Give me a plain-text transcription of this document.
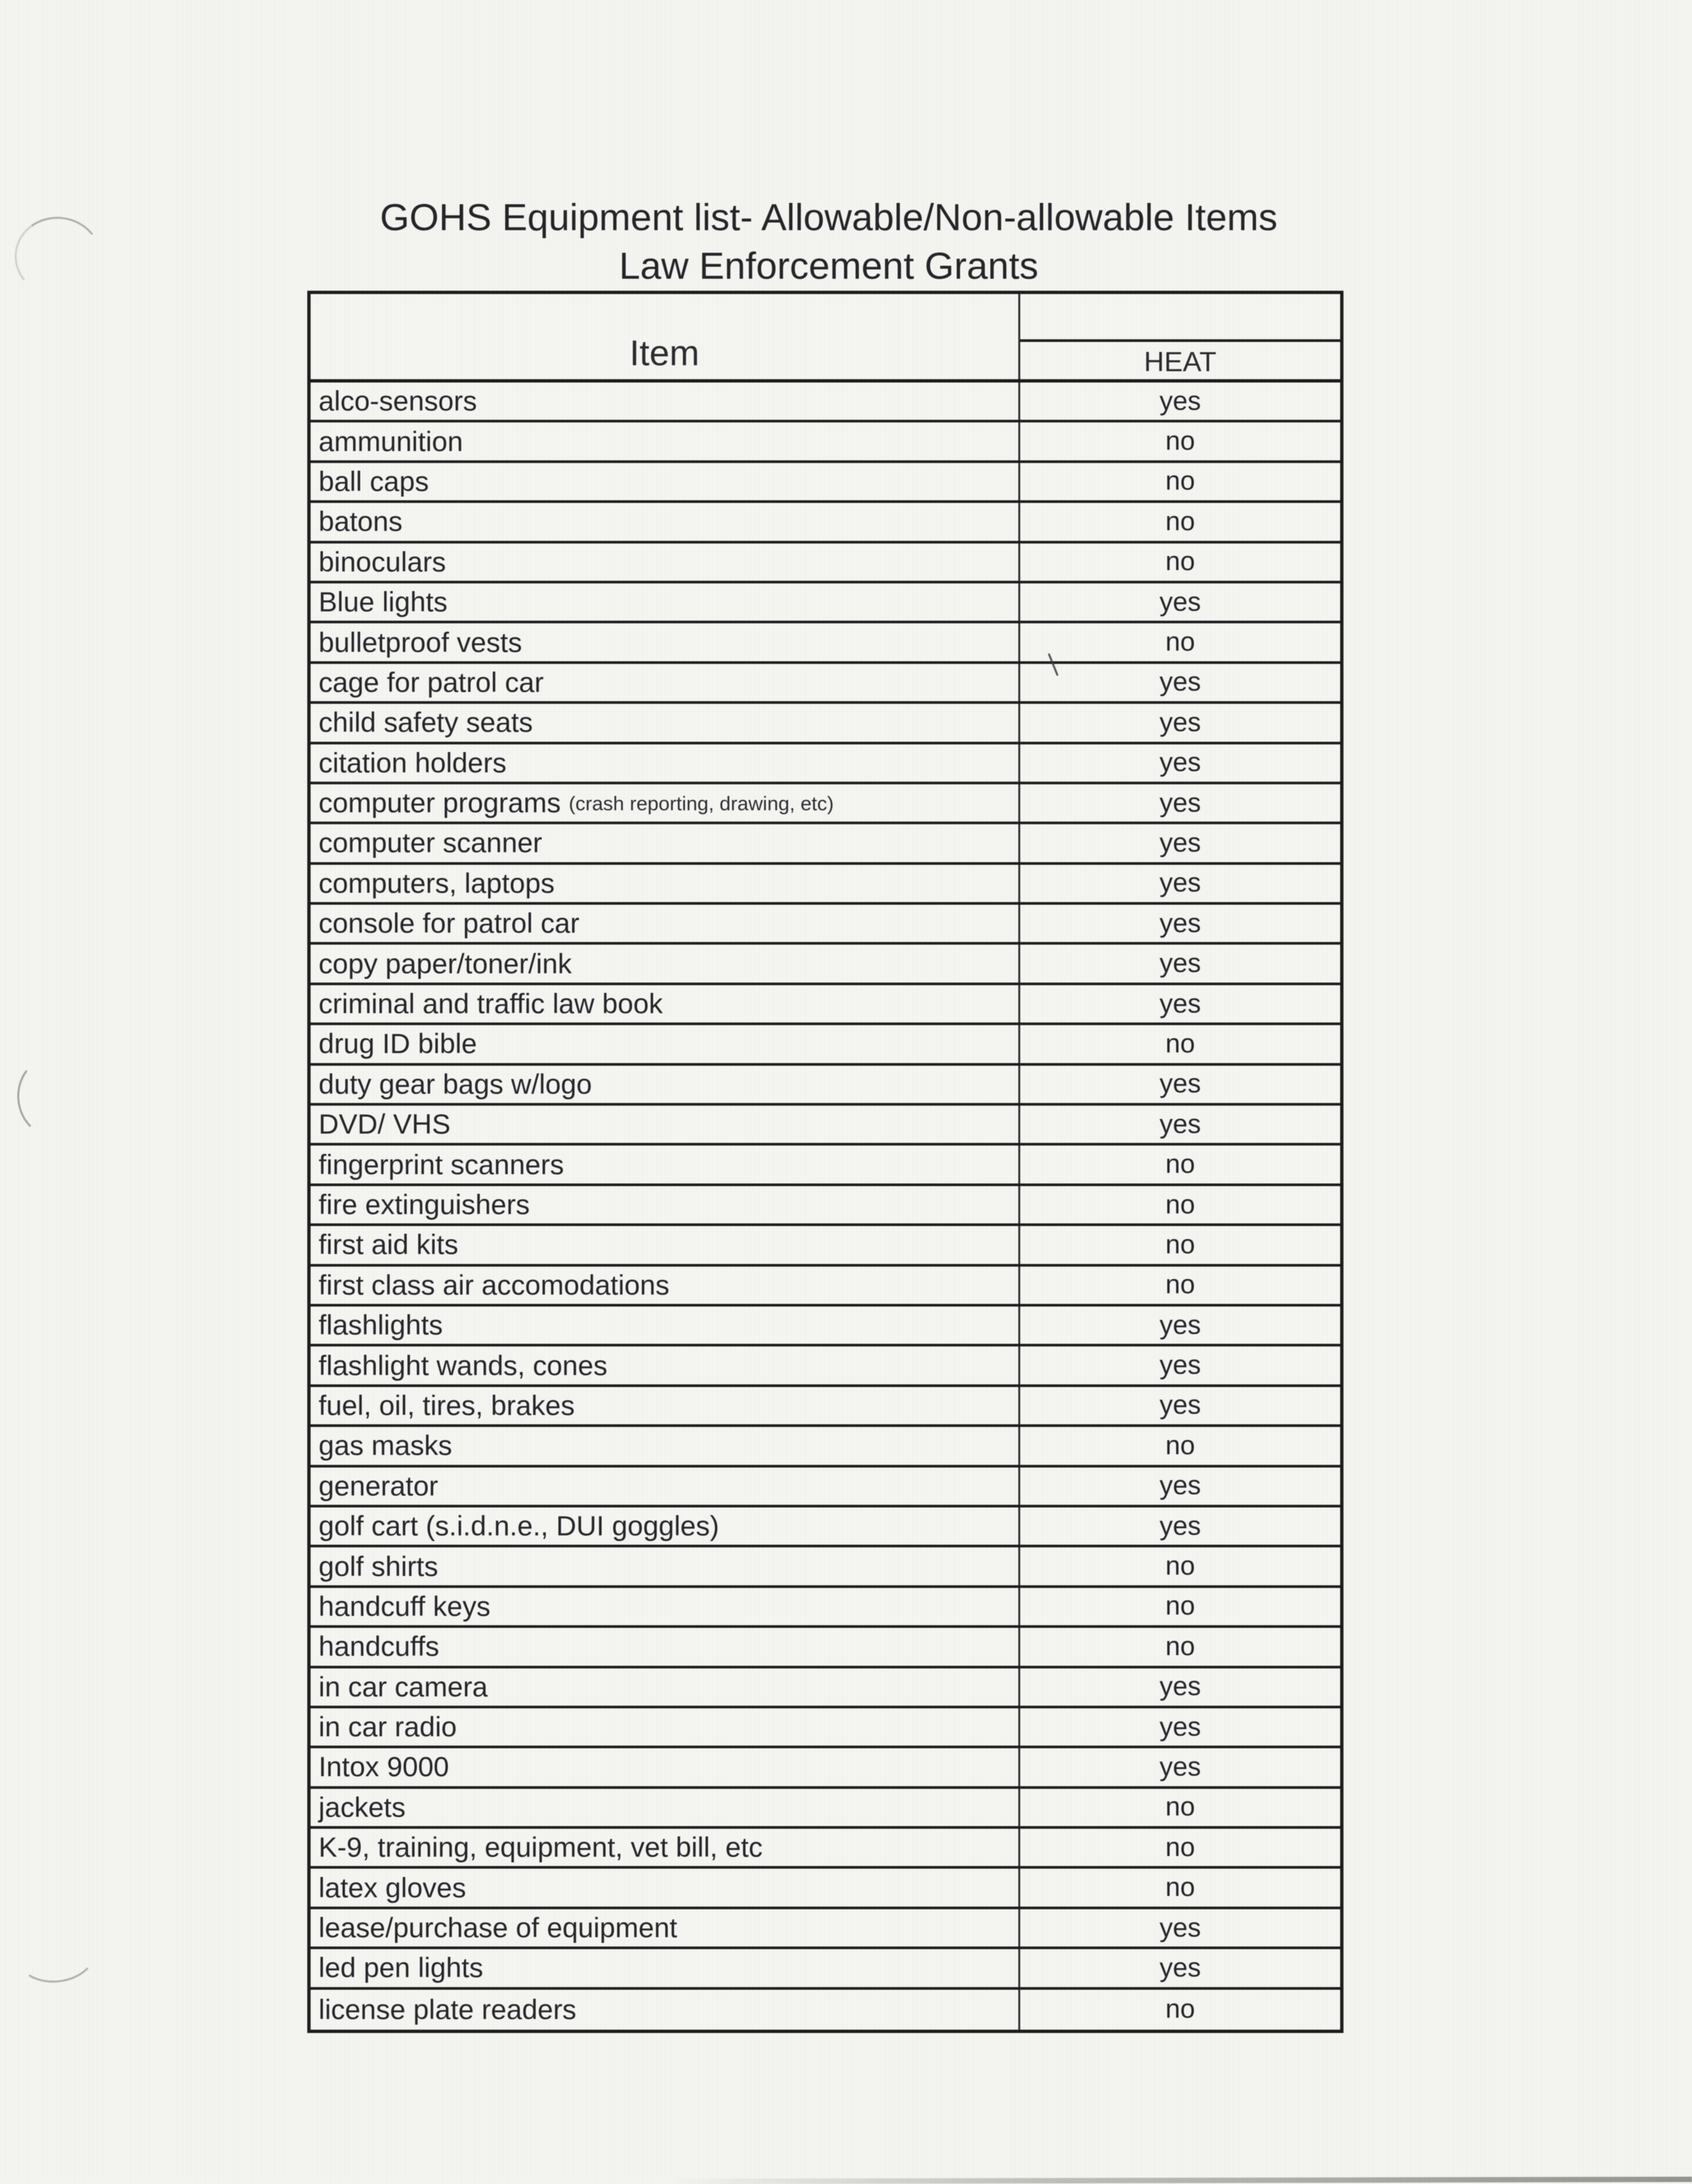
GOHS Equipment list- Allowable/Non-allowable Items
Law Enforcement Grants
Item	HEAT
alco-sensors	yes
ammunition	no
ball caps	no
batons	no
binoculars	no
Blue lights	yes
bulletproof vests	no
cage for patrol car	yes
child safety seats	yes
citation holders	yes
computer programs (crash reporting, drawing, etc)	yes
computer scanner	yes
computers, laptops	yes
console for patrol car	yes
copy paper/toner/ink	yes
criminal and traffic law book	yes
drug ID bible	no
duty gear bags w/logo	yes
DVD/ VHS	yes
fingerprint scanners	no
fire extinguishers	no
first aid kits	no
first class air accomodations	no
flashlights	yes
flashlight wands, cones	yes
fuel, oil, tires, brakes	yes
gas masks	no
generator	yes
golf cart (s.i.d.n.e., DUI goggles)	yes
golf shirts	no
handcuff keys	no
handcuffs	no
in car camera	yes
in car radio	yes
Intox 9000	yes
jackets	no
K-9, training, equipment, vet bill, etc	no
latex gloves	no
lease/purchase of equipment	yes
led pen lights	yes
license plate readers	no
